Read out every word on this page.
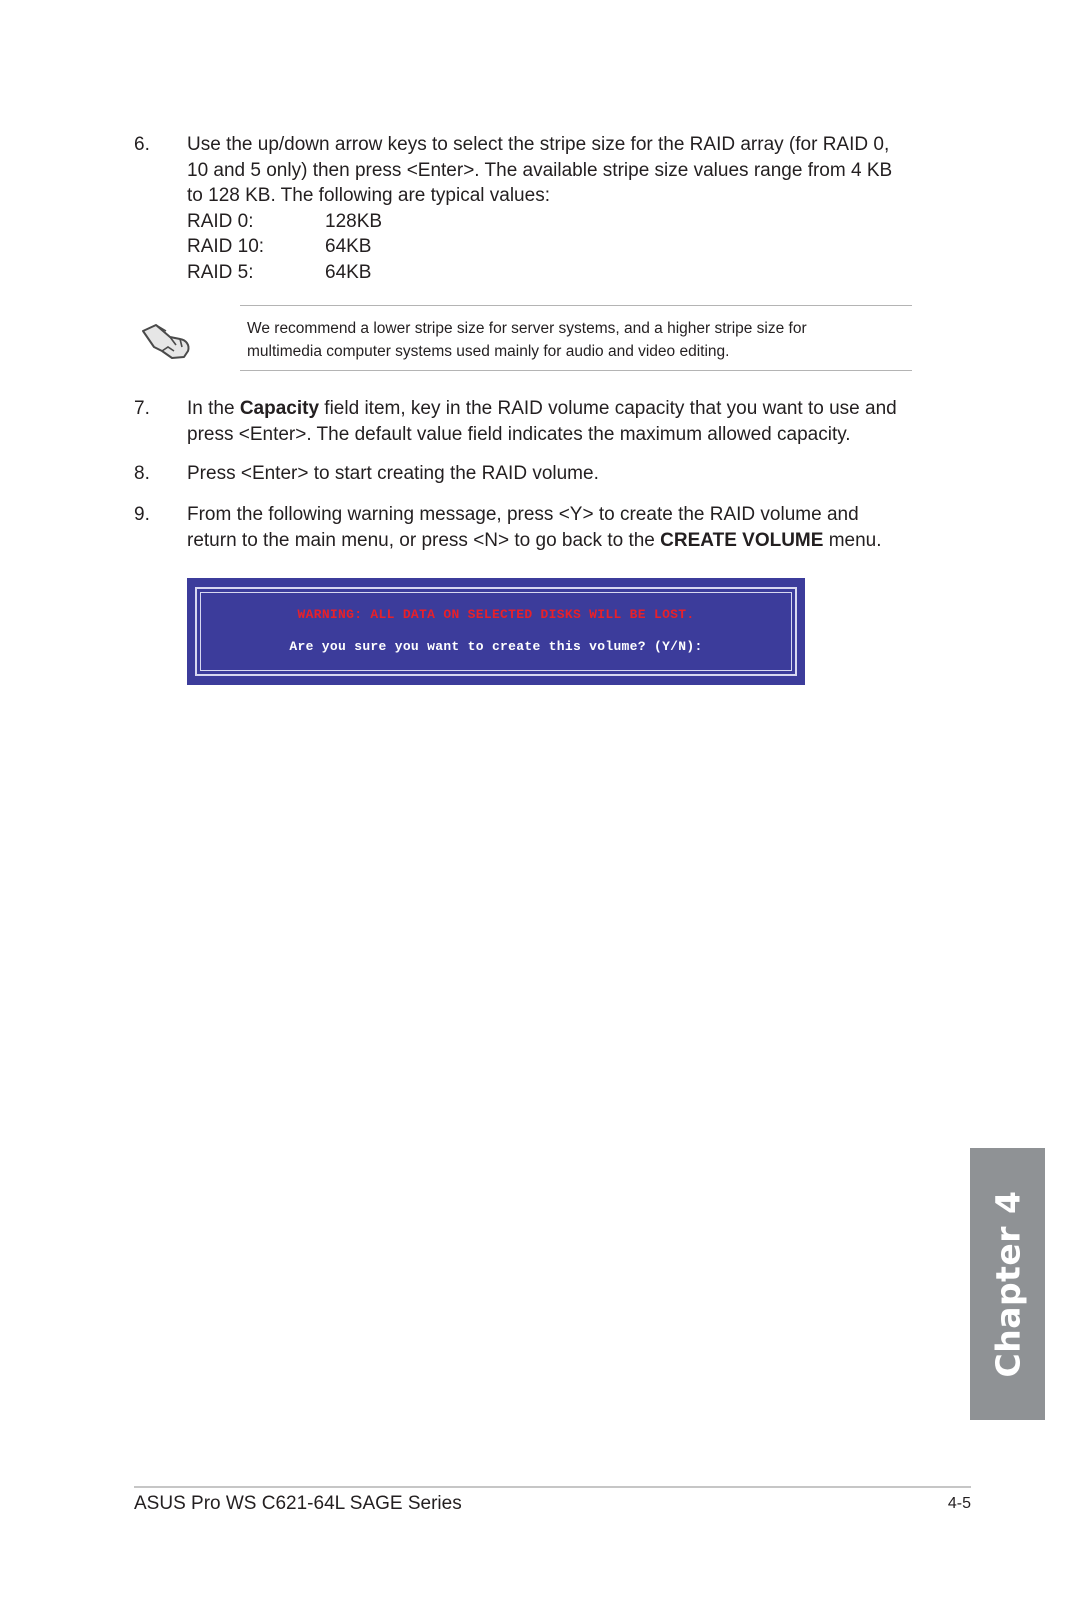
6. Use the up/down arrow keys to select the stripe size for the RAID array (for RAID 0,
10 and 5 only) then press <Enter>. The available stripe size values range from 4 KB
to 128 KB. The following are typical values:
RAID 0:	128KB
RAID 10:	64KB
RAID 5:	64KB
We recommend a lower stripe size for server systems, and a higher stripe size for
multimedia computer systems used mainly for audio and video editing.
7. In the Capacity field item, key in the RAID volume capacity that you want to use and
press <Enter>. The default value field indicates the maximum allowed capacity.
8. Press <Enter> to start creating the RAID volume.
9. From the following warning message, press <Y> to create the RAID volume and
return to the main menu, or press <N> to go back to the CREATE VOLUME menu.
WARNING: ALL DATA ON SELECTED DISKS WILL BE LOST.
Are you sure you want to create this volume? (Y/N):
Chapter 4
ASUS Pro WS C621-64L SAGE Series	4-5
